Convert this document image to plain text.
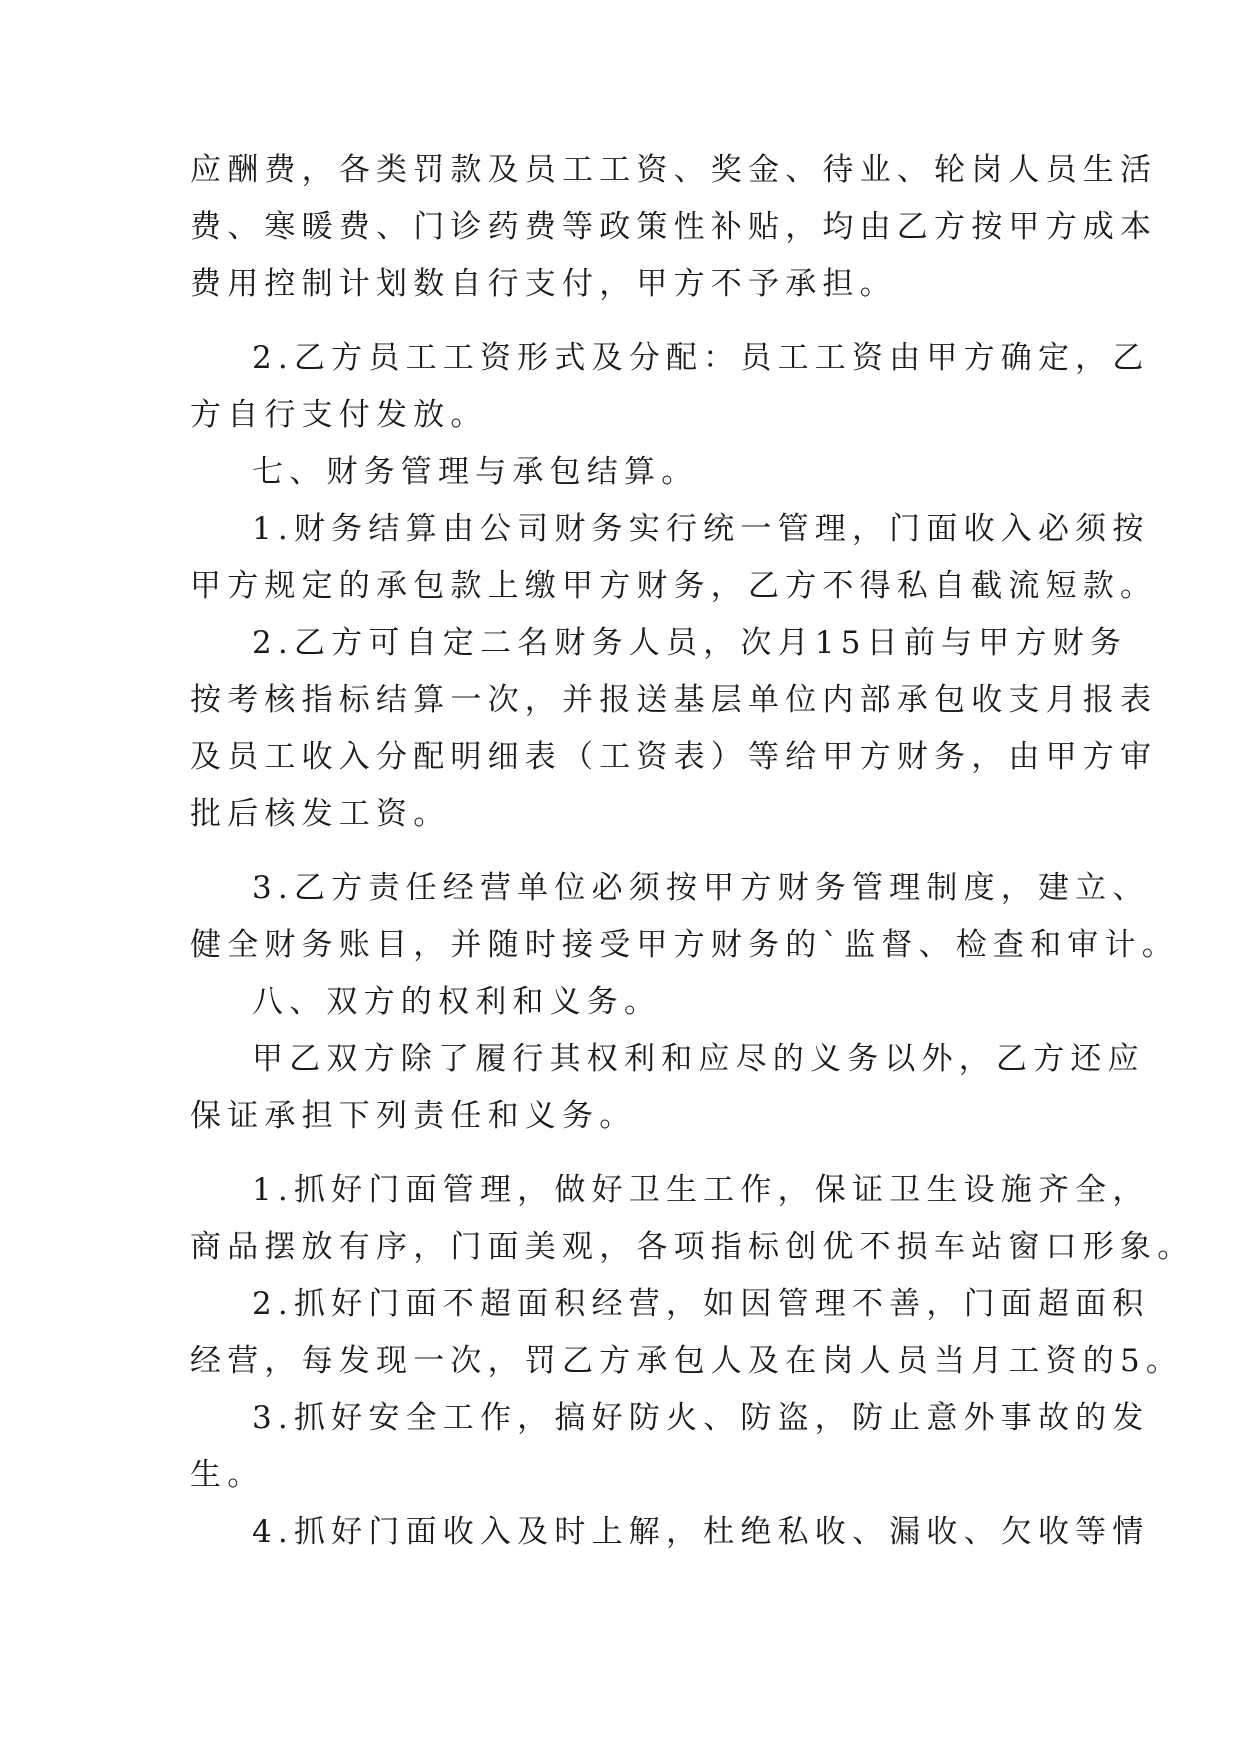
应酬费，各类罚款及员工工资、奖金、待业、轮岗人员生活
费、寒暖费、门诊药费等政策性补贴，均由乙方按甲方成本
费用控制计划数自行支付，甲方不予承担。
2.乙方员工工资形式及分配：员工工资由甲方确定，乙
方自行支付发放。
七、财务管理与承包结算。
1.财务结算由公司财务实行统一管理，门面收入必须按
甲方规定的承包款上缴甲方财务，乙方不得私自截流短款。
2.乙方可自定二名财务人员，次月15日前与甲方财务
按考核指标结算一次，并报送基层单位内部承包收支月报表
及员工收入分配明细表（工资表）等给甲方财务，由甲方审
批后核发工资。
3.乙方责任经营单位必须按甲方财务管理制度，建立、
健全财务账目，并随时接受甲方财务的`监督、检查和审计。
八、双方的权利和义务。
甲乙双方除了履行其权利和应尽的义务以外，乙方还应
保证承担下列责任和义务。
1.抓好门面管理，做好卫生工作，保证卫生设施齐全，
商品摆放有序，门面美观，各项指标创优不损车站窗口形象。
2.抓好门面不超面积经营，如因管理不善，门面超面积
经营，每发现一次，罚乙方承包人及在岗人员当月工资的5。
3.抓好安全工作，搞好防火、防盗，防止意外事故的发
生。
4.抓好门面收入及时上解，杜绝私收、漏收、欠收等情
